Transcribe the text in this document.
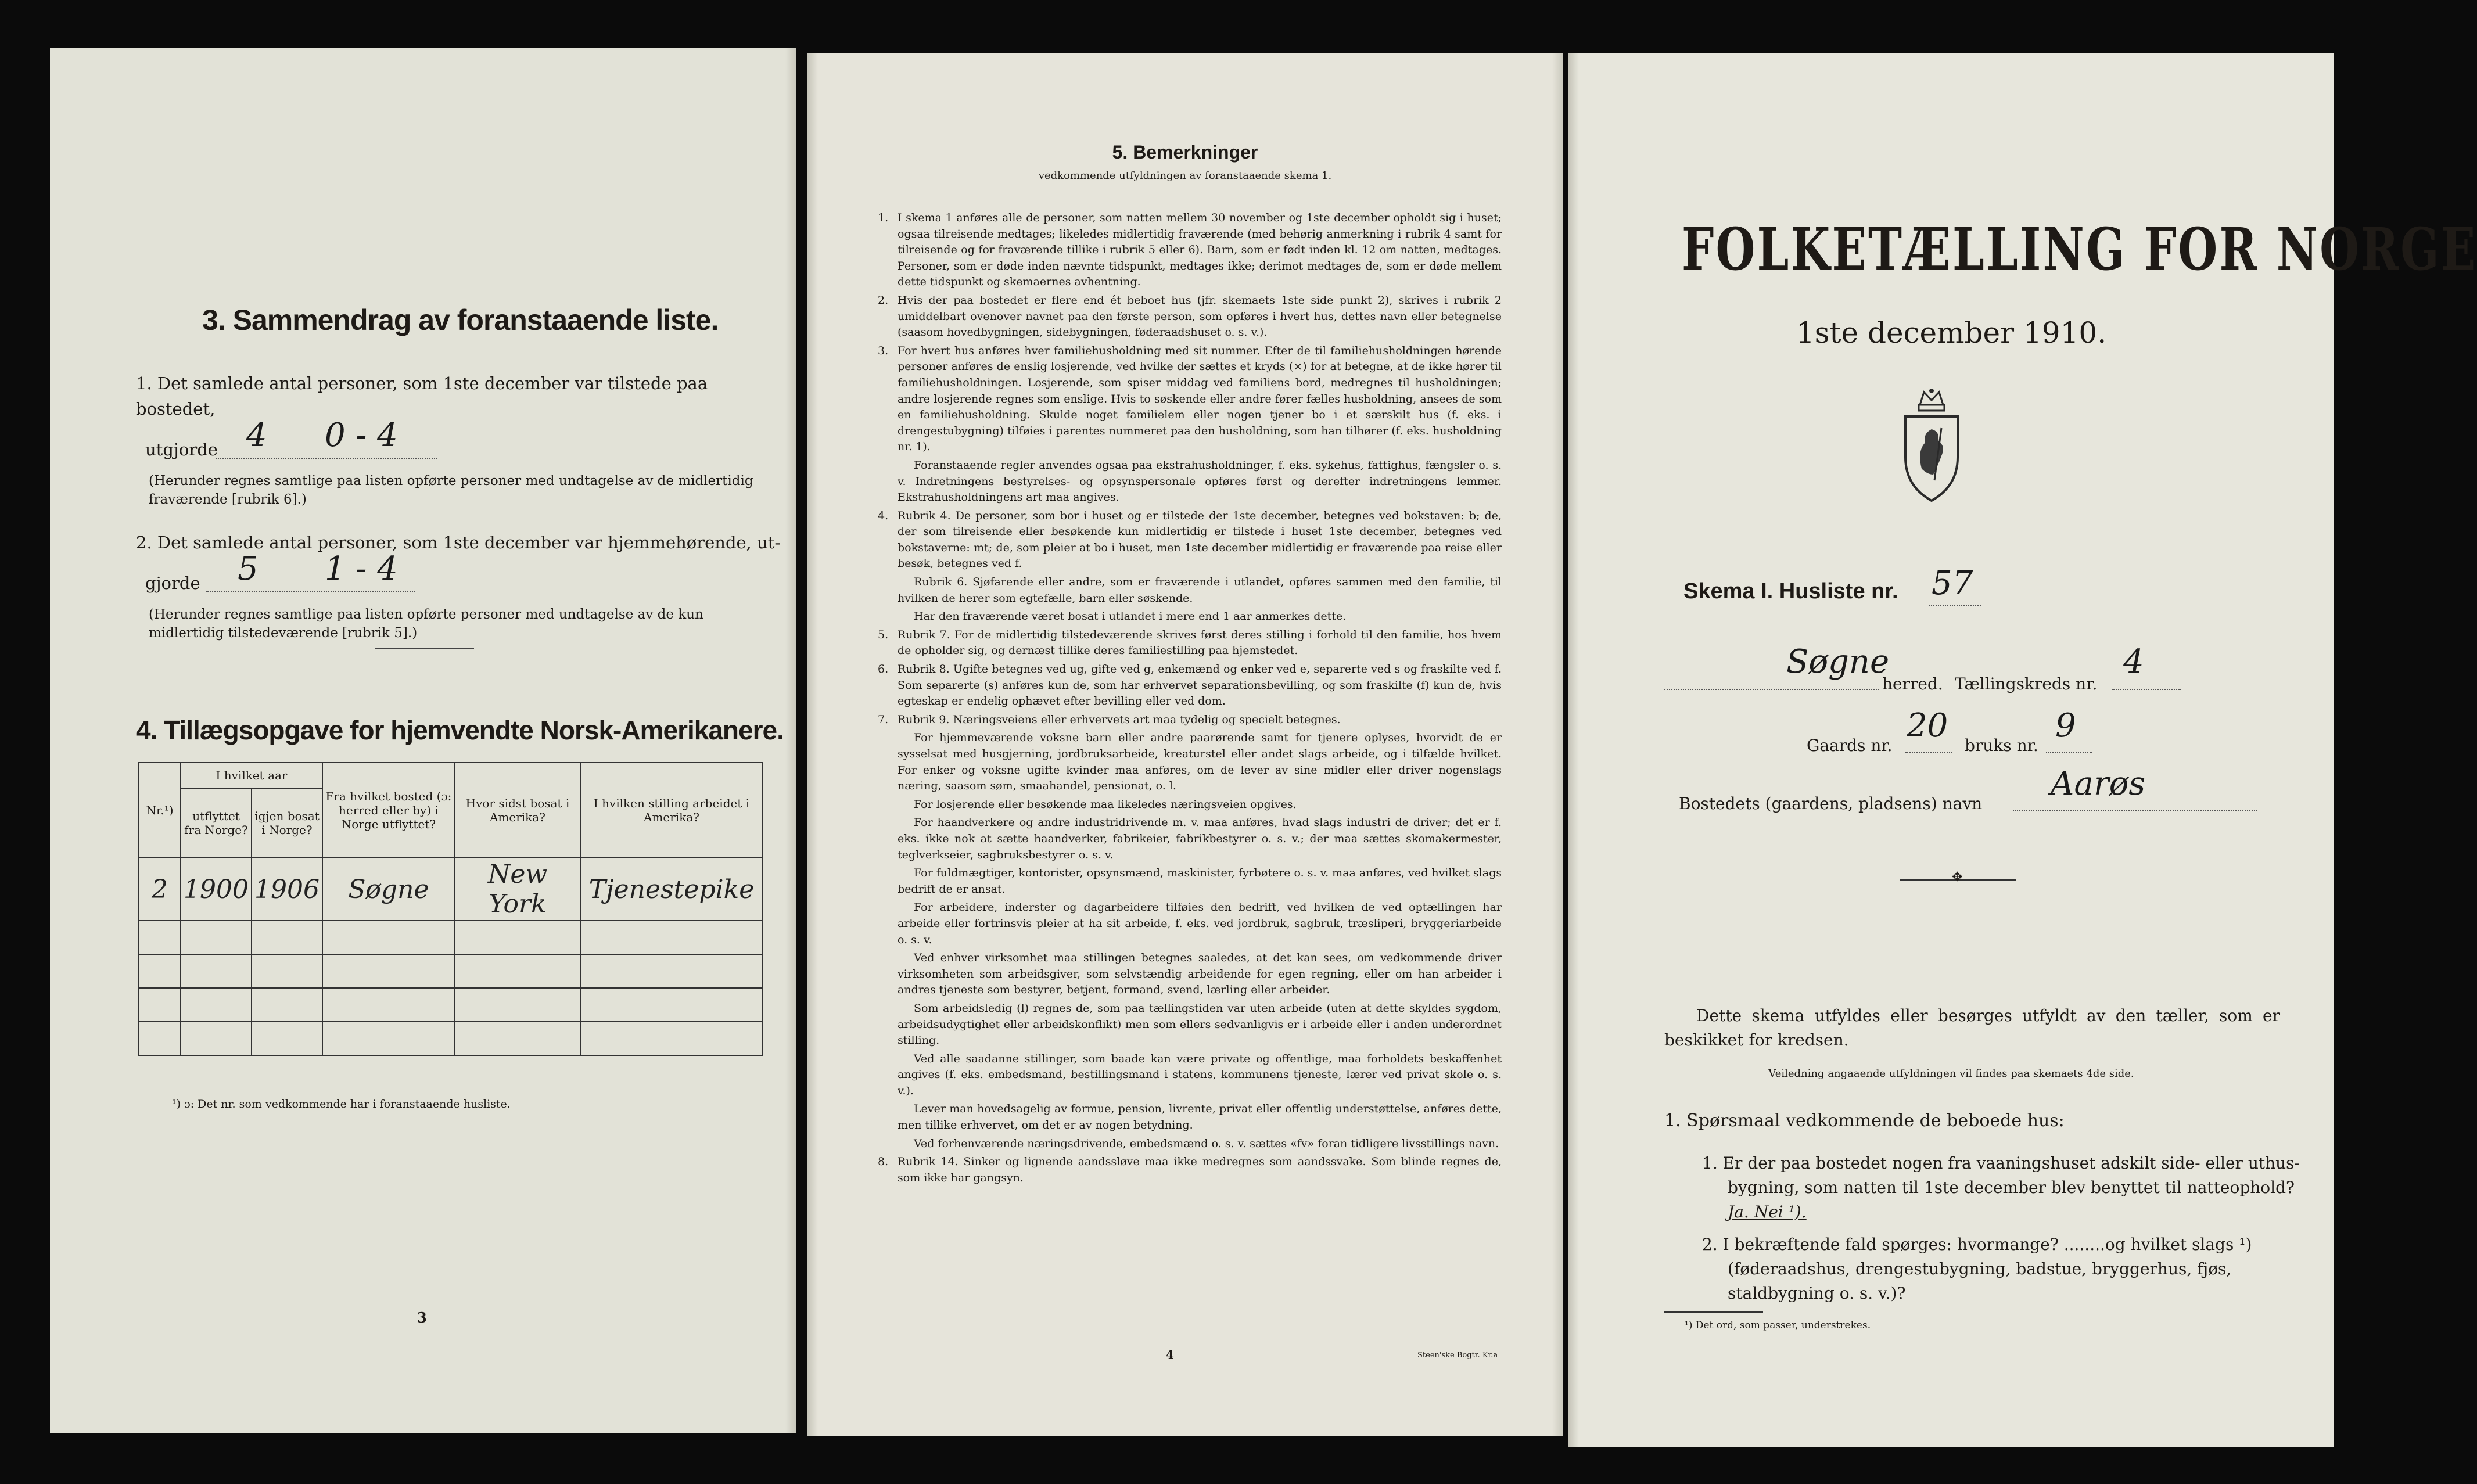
3. Sammendrag av foranstaaende liste.
1. Det samlede antal personer, som 1ste december var tilstede paa bostedet,
utgjorde 4 0 - 4
(Herunder regnes samtlige paa listen opførte personer med undtagelse av de midlertidig fraværende [rubrik 6].)
2. Det samlede antal personer, som 1ste december var hjemmehørende, ut-
gjorde 5 1 - 4
(Herunder regnes samtlige paa listen opførte personer med undtagelse av de kun midlertidig tilstedeværende [rubrik 5].)
4. Tillægsopgave for hjemvendte Norsk-Amerikanere.
Nr.¹)	I hvilket aar		Fra hvilket bosted (ɔ: herred eller by) i Norge utflyttet?	Hvor sidst bosat i Amerika?	I hvilken stilling arbeidet i Amerika?
	utflyttet fra Norge?	igjen bosat i Norge?			
2	1900	1906	Søgne	New York	Tjenestepike

¹) ɔ: Det nr. som vedkommende har i foranstaaende husliste.
3
5. Bemerkninger
vedkommende utfyldningen av foranstaaende skema 1.

1. I skema 1 anføres alle de personer, som natten mellem 30 november og 1ste december opholdt sig i huset; ogsaa tilreisende medtages; likeledes midlertidig fraværende (med behørig anmerkning i rubrik 4 samt for tilreisende og for fraværende tillike i rubrik 5 eller 6). Barn, som er født inden kl. 12 om natten, medtages. Personer, som er døde inden nævnte tidspunkt, medtages ikke; derimot medtages de, som er døde mellem dette tidspunkt og skemaernes avhentning.

2. Hvis der paa bostedet er flere end ét beboet hus (jfr. skemaets 1ste side punkt 2), skrives i rubrik 2 umiddelbart ovenover navnet paa den første person, som opføres i hvert hus, dettes navn eller betegnelse (saasom hovedbygningen, sidebygningen, føderaadshuset o. s. v.).

3. For hvert hus anføres hver familiehusholdning med sit nummer. Efter de til familiehusholdningen hørende personer anføres de enslig losjerende, ved hvilke der sættes et kryds (×) for at betegne, at de ikke hører til familiehusholdningen. Losjerende, som spiser middag ved familiens bord, medregnes til husholdningen; andre losjerende regnes som enslige. Hvis to søskende eller andre fører fælles husholdning, ansees de som en familiehusholdning. Skulde noget familielem eller nogen tjener bo i et særskilt hus (f. eks. i drengestubygning) tilføies i parentes nummeret paa den husholdning, som han tilhører (f. eks. husholdning nr. 1).

Foranstaaende regler anvendes ogsaa paa ekstrahusholdninger, f. eks. sykehus, fattighus, fængsler o. s. v. Indretningens bestyrelses- og opsynspersonale opføres først og derefter indretningens lemmer. Ekstrahusholdningens art maa angives.

4. Rubrik 4. De personer, som bor i huset og er tilstede der 1ste december, betegnes ved bokstaven: b; de, der som tilreisende eller besøkende kun midlertidig er tilstede i huset 1ste december, betegnes ved bokstaverne: mt; de, som pleier at bo i huset, men 1ste december midlertidig er fraværende paa reise eller besøk, betegnes ved f.

Rubrik 6. Sjøfarende eller andre, som er fraværende i utlandet, opføres sammen med den familie, til hvilken de herer som egtefælle, barn eller søskende.

Har den fraværende været bosat i utlandet i mere end 1 aar anmerkes dette.

5. Rubrik 7. For de midlertidig tilstedeværende skrives først deres stilling i forhold til den familie, hos hvem de opholder sig, og dernæst tillike deres familiestilling paa hjemstedet.

6. Rubrik 8. Ugifte betegnes ved ug, gifte ved g, enkemænd og enker ved e, separerte ved s og fraskilte ved f. Som separerte (s) anføres kun de, som har erhvervet separationsbevilling, og som fraskilte (f) kun de, hvis egteskap er endelig ophævet efter bevilling eller ved dom.

7. Rubrik 9. Næringsveiens eller erhvervets art maa tydelig og specielt betegnes.

For hjemmeværende voksne barn eller andre paarørende samt for tjenere oplyses, hvorvidt de er sysselsat med husgjerning, jordbruksarbeide, kreaturstel eller andet slags arbeide, og i tilfælde hvilket. For enker og voksne ugifte kvinder maa anføres, om de lever av sine midler eller driver nogenslags næring, saasom søm, smaahandel, pensionat, o. l.

For losjerende eller besøkende maa likeledes næringsveien opgives.

For haandverkere og andre industridrivende m. v. maa anføres, hvad slags industri de driver; det er f. eks. ikke nok at sætte haandverker, fabrikeier, fabrikbestyrer o. s. v.; der maa sættes skomakermester, teglverkseier, sagbruksbestyrer o. s. v.

For fuldmægtiger, kontorister, opsynsmænd, maskinister, fyrbøtere o. s. v. maa anføres, ved hvilket slags bedrift de er ansat.

For arbeidere, inderster og dagarbeidere tilføies den bedrift, ved hvilken de ved optællingen har arbeide eller fortrinsvis pleier at ha sit arbeide, f. eks. ved jordbruk, sagbruk, træsliperi, bryggeriarbeide o. s. v.

Ved enhver virksomhet maa stillingen betegnes saaledes, at det kan sees, om vedkommende driver virksomheten som arbeidsgiver, som selvstændig arbeidende for egen regning, eller om han arbeider i andres tjeneste som bestyrer, betjent, formand, svend, lærling eller arbeider.

Som arbeidsledig (l) regnes de, som paa tællingstiden var uten arbeide (uten at dette skyldes sygdom, arbeidsudygtighet eller arbeidskonflikt) men som ellers sedvanligvis er i arbeide eller i anden underordnet stilling.

Ved alle saadanne stillinger, som baade kan være private og offentlige, maa forholdets beskaffenhet angives (f. eks. embedsmand, bestillingsmand i statens, kommunens tjeneste, lærer ved privat skole o. s. v.).

Lever man hovedsagelig av formue, pension, livrente, privat eller offentlig understøttelse, anføres dette, men tillike erhvervet, om det er av nogen betydning.

Ved forhenværende næringsdrivende, embedsmænd o. s. v. sættes «fv» foran tidligere livsstillings navn.

8. Rubrik 14. Sinker og lignende aandssløve maa ikke medregnes som aandssvake. Som blinde regnes de, som ikke har gangsyn.

4	Steen'ske Bogtr. Kr.a
FOLKETÆLLING FOR NORGE
1ste december 1910.
Skema I. Husliste nr. 57
Søgne
herred. Tællingskreds nr.
4
Gaards nr.
20
bruks nr.
9
Bostedets (gaardens, pladsens) navn
Aarøs
✥
Dette skema utfyldes eller besørges utfyldt av den tæller, som er beskikket for kredsen.
Veiledning angaaende utfyldningen vil findes paa skemaets 4de side.
1. Spørsmaal vedkommende de beboede hus:
1. Er der paa bostedet nogen fra vaaningshuset adskilt side- eller uthus-bygning, som natten til 1ste december blev benyttet til natteophold? Ja. Nei ¹).
2. I bekræftende fald spørges: hvormange? ........og hvilket slags ¹) (føderaadshus, drengestubygning, badstue, bryggerhus, fjøs, staldbygning o. s. v.)?
¹) Det ord, som passer, understrekes.
